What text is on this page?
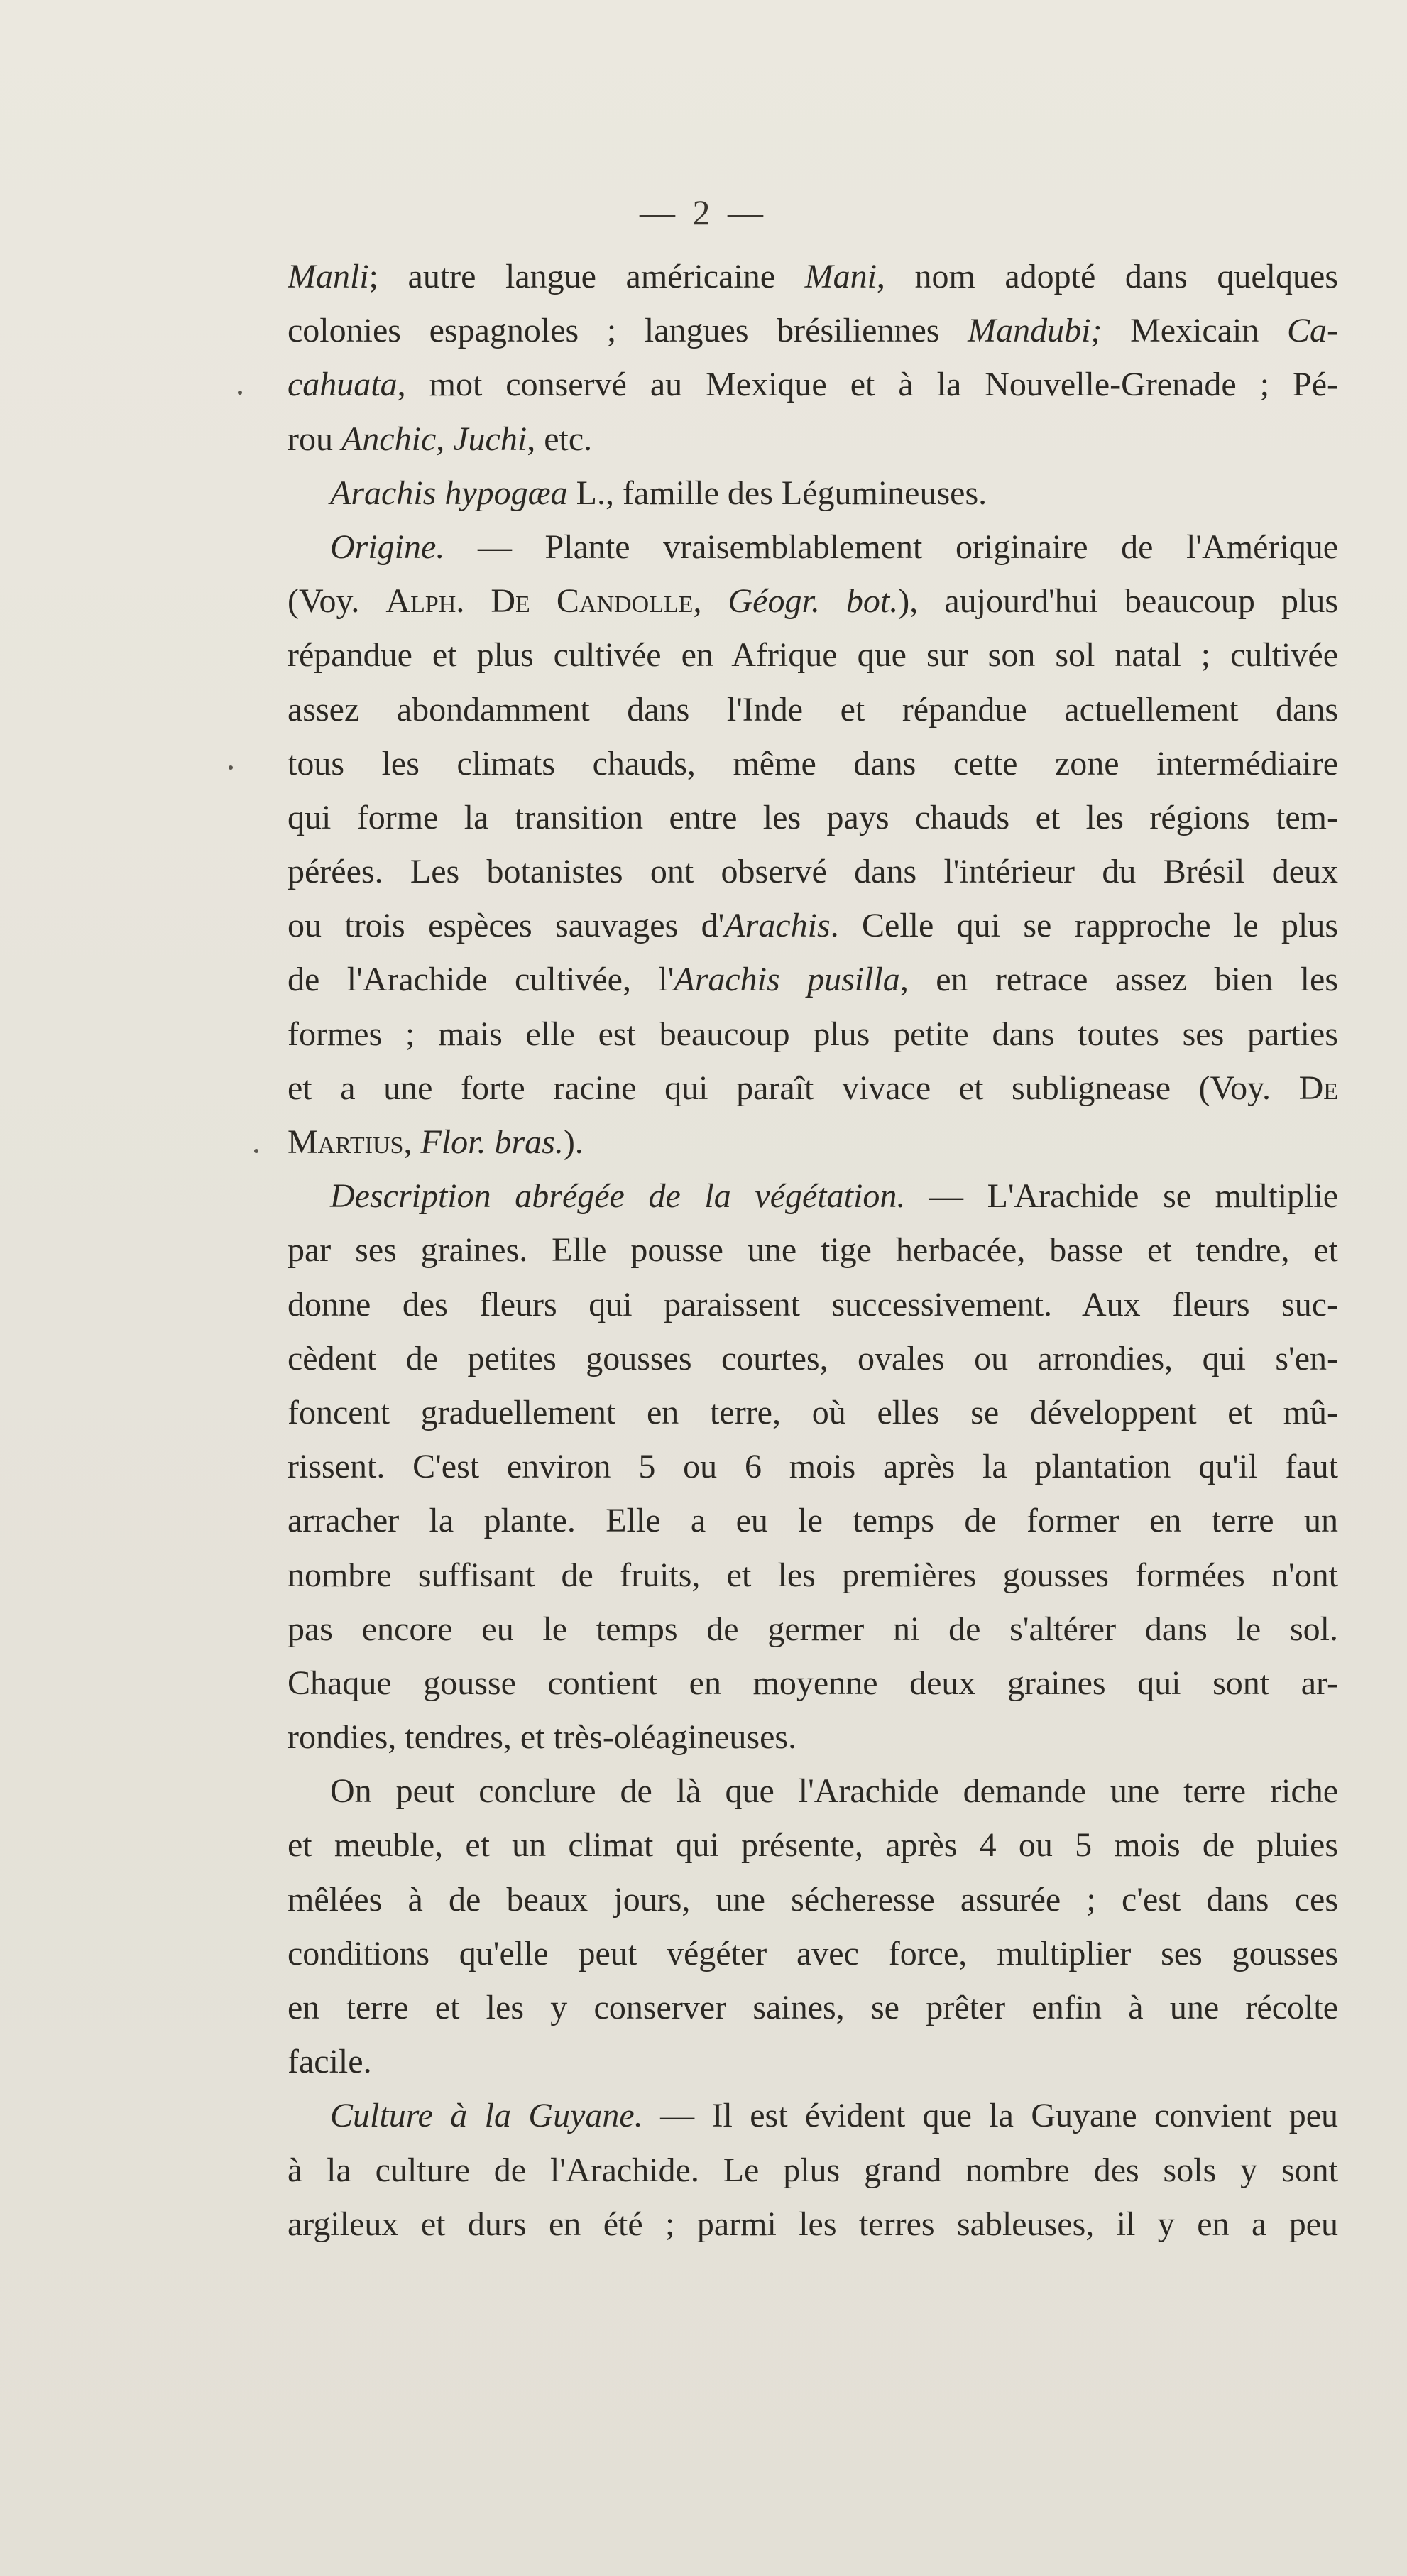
— 2 —
Manli; autre langue américaine Mani, nom adopté dans quelques
colonies espagnoles ; langues brésiliennes Mandubi; Mexicain Ca-
cahuata, mot conservé au Mexique et à la Nouvelle-Grenade ; Pé-
rou Anchic, Juchi, etc.
Arachis hypogæa L., famille des Légumineuses.
Origine. — Plante vraisemblablement originaire de l'Amérique
(Voy. Alph. De Candolle, Géogr. bot.), aujourd'hui beaucoup plus
répandue et plus cultivée en Afrique que sur son sol natal ; cultivée
assez abondamment dans l'Inde et répandue actuellement dans
tous les climats chauds, même dans cette zone intermédiaire
qui forme la transition entre les pays chauds et les régions tem-
pérées. Les botanistes ont observé dans l'intérieur du Brésil deux
ou trois espèces sauvages d'Arachis. Celle qui se rapproche le plus
de l'Arachide cultivée, l'Arachis pusilla, en retrace assez bien les
formes ; mais elle est beaucoup plus petite dans toutes ses parties
et a une forte racine qui paraît vivace et sublignease (Voy. De
Martius, Flor. bras.).
Description abrégée de la végétation. — L'Arachide se multiplie
par ses graines. Elle pousse une tige herbacée, basse et tendre, et
donne des fleurs qui paraissent successivement. Aux fleurs suc-
cèdent de petites gousses courtes, ovales ou arrondies, qui s'en-
foncent graduellement en terre, où elles se développent et mû-
rissent. C'est environ 5 ou 6 mois après la plantation qu'il faut
arracher la plante. Elle a eu le temps de former en terre un
nombre suffisant de fruits, et les premières gousses formées n'ont
pas encore eu le temps de germer ni de s'altérer dans le sol.
Chaque gousse contient en moyenne deux graines qui sont ar-
rondies, tendres, et très-oléagineuses.
On peut conclure de là que l'Arachide demande une terre riche
et meuble, et un climat qui présente, après 4 ou 5 mois de pluies
mêlées à de beaux jours, une sécheresse assurée ; c'est dans ces
conditions qu'elle peut végéter avec force, multiplier ses gousses
en terre et les y conserver saines, se prêter enfin à une récolte
facile.
Culture à la Guyane. — Il est évident que la Guyane convient peu
à la culture de l'Arachide. Le plus grand nombre des sols y sont
argileux et durs en été ; parmi les terres sableuses, il y en a peu
